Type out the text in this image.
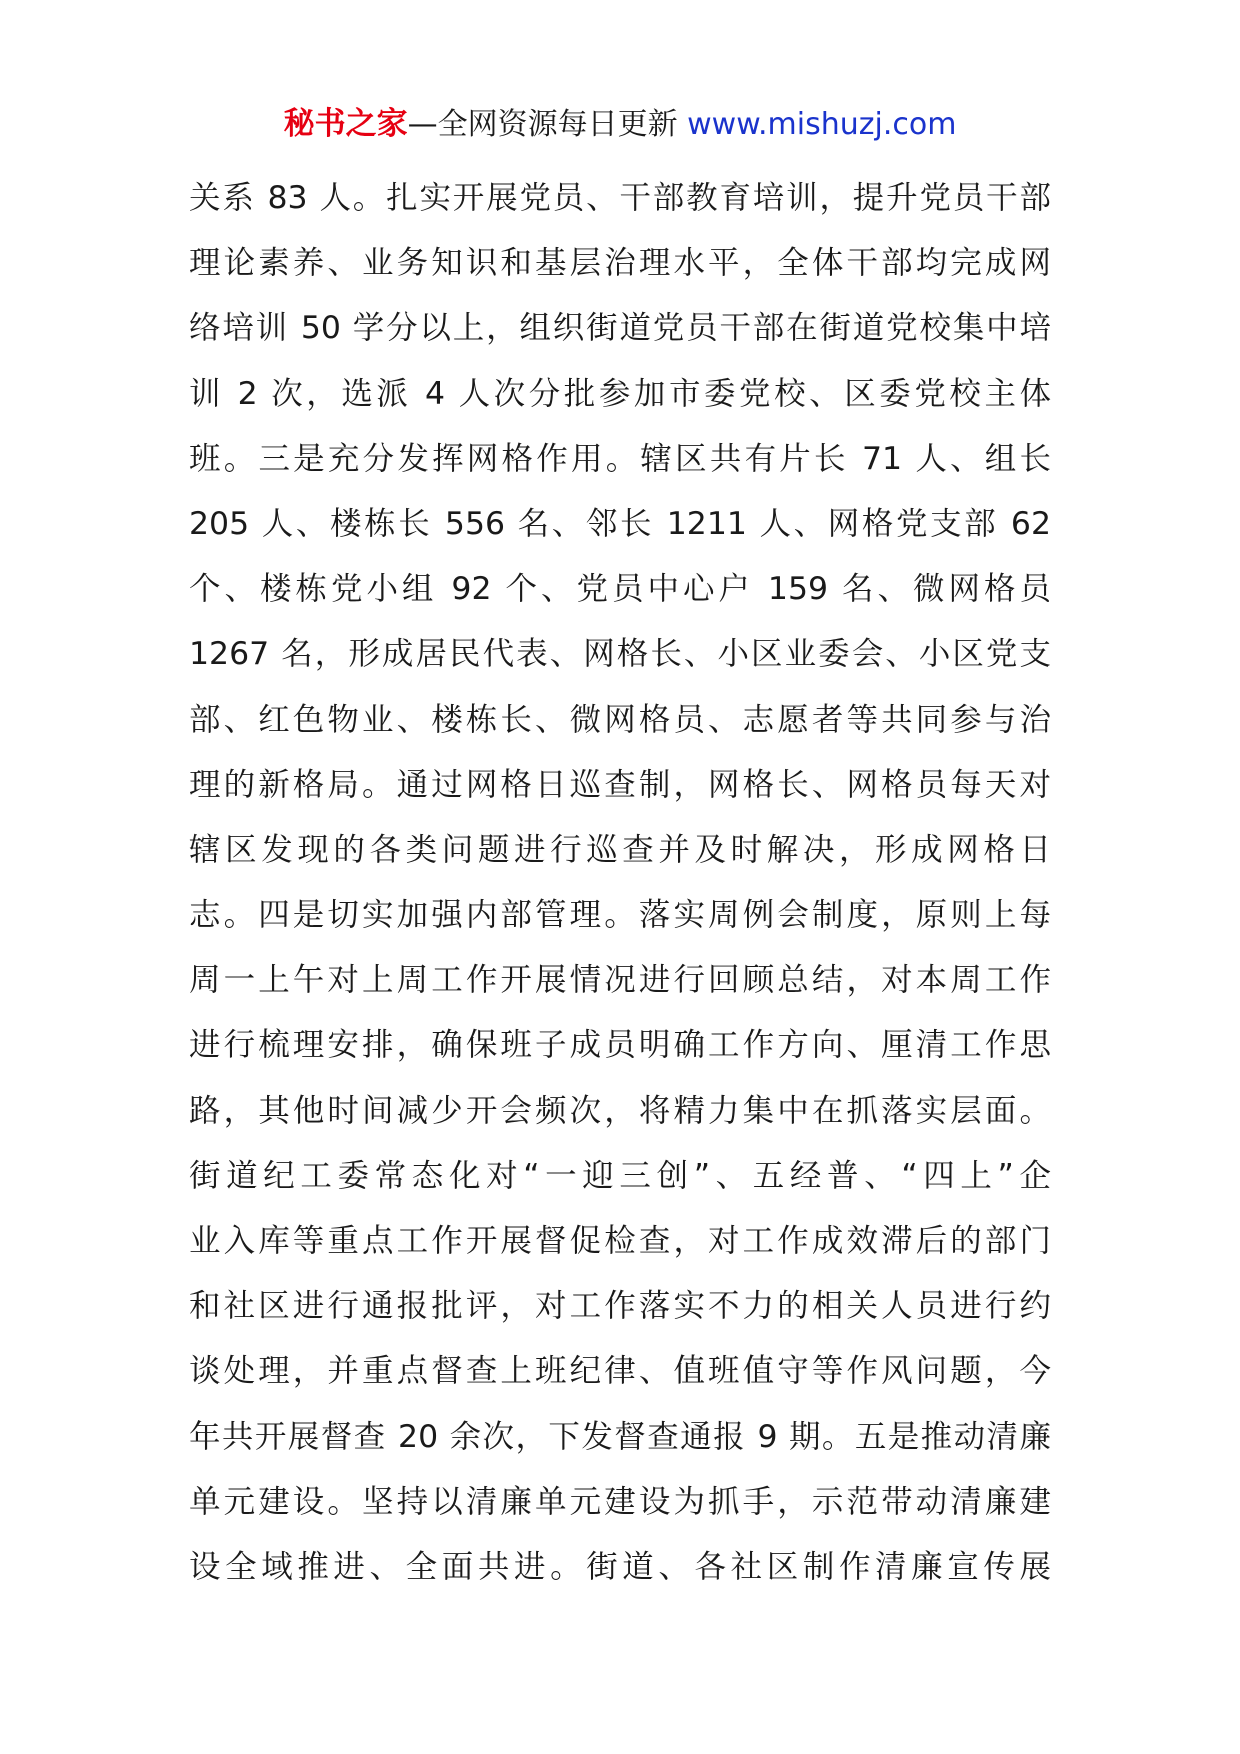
秘书之家—全网资源每日更新 www.mishuzj.com
关系 83 人。扎实开展党员、干部教育培训，提升党员干部
理论素养、业务知识和基层治理水平，全体干部均完成网
络培训 50 学分以上，组织街道党员干部在街道党校集中培
训 2 次，选派 4 人次分批参加市委党校、区委党校主体
班。三是充分发挥网格作用。辖区共有片长 71 人、组长
205 人、楼栋长 556 名、邻长 1211 人、网格党支部 62
个、楼栋党小组 92 个、党员中心户 159 名、微网格员
1267 名，形成居民代表、网格长、小区业委会、小区党支
部、红色物业、楼栋长、微网格员、志愿者等共同参与治
理的新格局。通过网格日巡查制，网格长、网格员每天对
辖区发现的各类问题进行巡查并及时解决，形成网格日
志。四是切实加强内部管理。落实周例会制度，原则上每
周一上午对上周工作开展情况进行回顾总结，对本周工作
进行梳理安排，确保班子成员明确工作方向、厘清工作思
路，其他时间减少开会频次，将精力集中在抓落实层面。
街道纪工委常态化对“一迎三创”、五经普、“四上”企
业入库等重点工作开展督促检查，对工作成效滞后的部门
和社区进行通报批评，对工作落实不力的相关人员进行约
谈处理，并重点督查上班纪律、值班值守等作风问题，今
年共开展督查 20 余次，下发督查通报 9 期。五是推动清廉
单元建设。坚持以清廉单元建设为抓手，示范带动清廉建
设全域推进、全面共进。街道、各社区制作清廉宣传展
